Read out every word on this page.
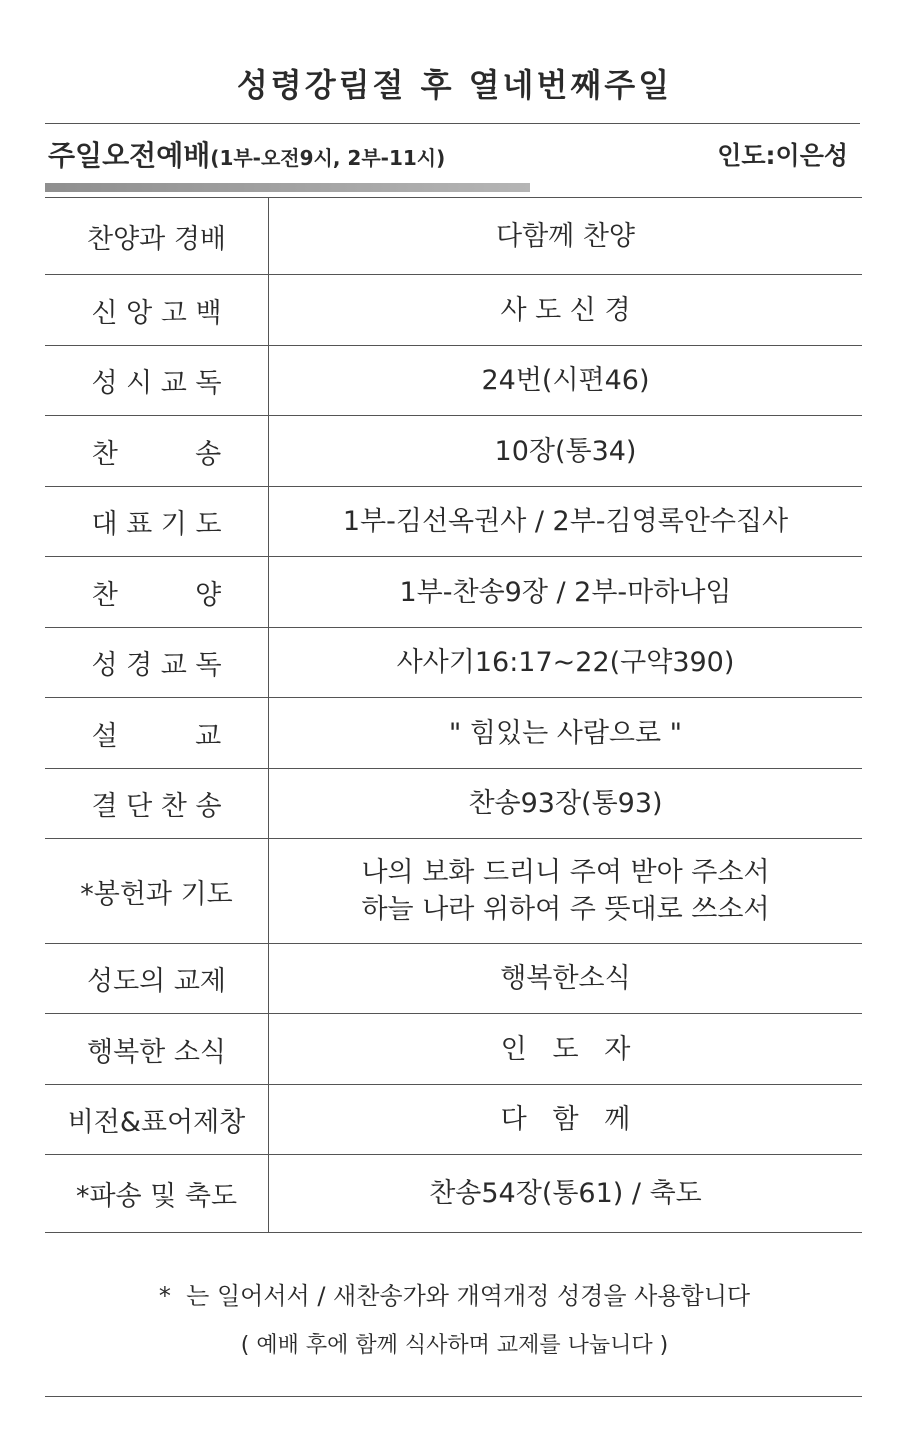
성령강림절 후 열네번째주일
주일오전예배(1부-오전9시, 2부-11시)	인도:이은성
찬양과 경배	다함께 찬양
신 앙 고 백	사 도 신 경
성 시 교 독	24번(시편46)
찬         송	10장(통34)
대 표 기 도	1부-김선옥권사 / 2부-김영록안수집사
찬         양	1부-찬송9장 / 2부-마하나임
성 경 교 독	사사기16:17~22(구약390)
설         교	" 힘있는 사람으로 "
결 단 찬 송	찬송93장(통93)
*봉헌과 기도	나의 보화 드리니 주여 받아 주소서
하늘 나라 위하여 주 뜻대로 쓰소서
성도의 교제	행복한소식
행복한 소식	인   도   자
비전&표어제창	다   함   께
*파송 및 축도	찬송54장(통61) / 축도
*  는 일어서서 / 새찬송가와 개역개정 성경을 사용합니다
( 예배 후에 함께 식사하며 교제를 나눕니다 )
